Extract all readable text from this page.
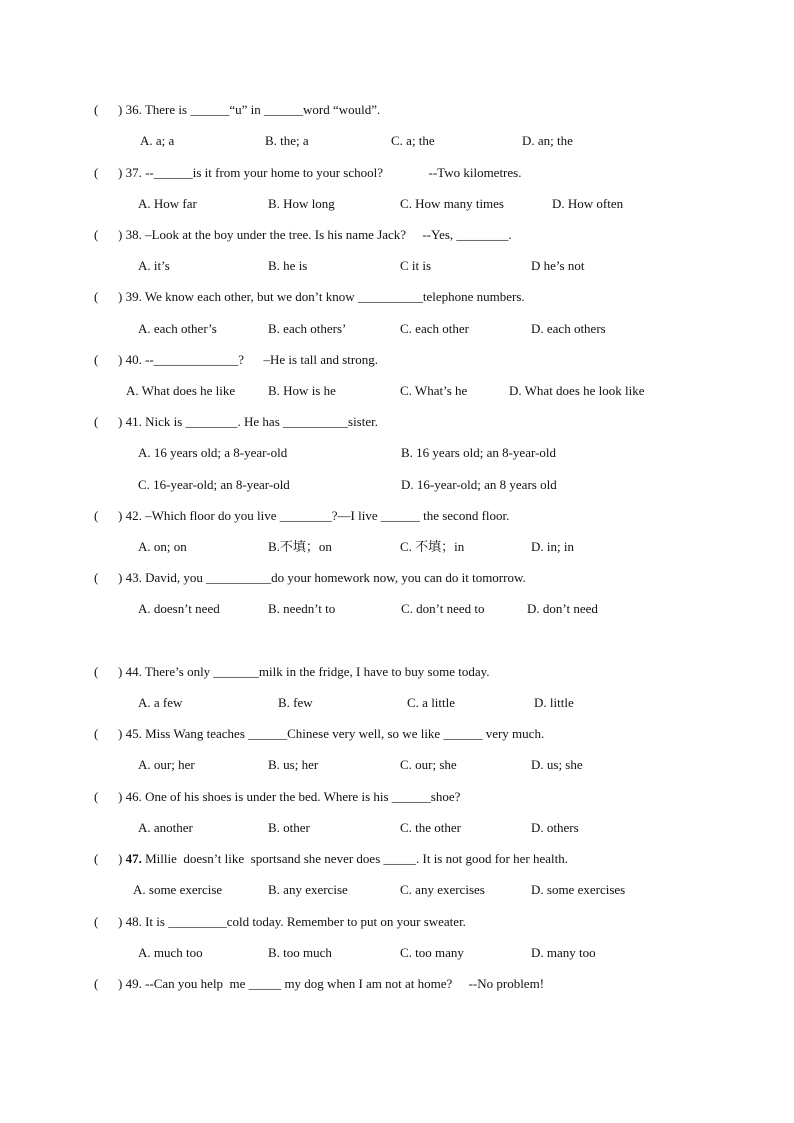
( ) 36. There is ______“u” in ______word “would”.
A. a; a	B. the; a	C. a; the	D. an; the
( ) 37. --______is it from your home to your school?              --Two kilometres.
A. How far	B. How long	C. How many times	D. How often
( ) 38. –Look at the boy under the tree. Is his name Jack?     --Yes, ________.
A. it’s	B. he is	C it is	D he’s not
( ) 39. We know each other, but we don’t know __________telephone numbers.
A. each other’s	B. each others’	C. each other	D. each others
( ) 40. --_____________?      –He is tall and strong.
A. What does he like	B. How is he	C. What’s he	D. What does he look like
( ) 41. Nick is ________. He has __________sister.
A. 16 years old; a 8-year-old	B. 16 years old; an 8-year-old
C. 16-year-old; an 8-year-old	D. 16-year-old; an 8 years old
( ) 42. –Which floor do you live ________?—I live ______ the second floor.
A. on; on	B.不填；on	C. 不填；in	D. in; in
( ) 43. David, you __________do your homework now, you can do it tomorrow.
A. doesn’t need	B. needn’t to	C. don’t need to	D. don’t need
( ) 44. There’s only _______milk in the fridge, I have to buy some today.
A. a few	B. few	C. a little	D. little
( ) 45. Miss Wang teaches ______Chinese very well, so we like ______ very much.
A. our; her	B. us; her	C. our; she	D. us; she
( ) 46. One of his shoes is under the bed. Where is his ______shoe?
A. another	B. other	C. the other	D. others
( ) 47. Millie  doesn’t like  sportsand she never does _____. It is not good for her health.
A. some exercise	B. any exercise	C. any exercises	D. some exercises
( ) 48. It is _________cold today. Remember to put on your sweater.
A. much too	B. too much	C. too many	D. many too
( ) 49. --Can you help  me _____ my dog when I am not at home?     --No problem!
